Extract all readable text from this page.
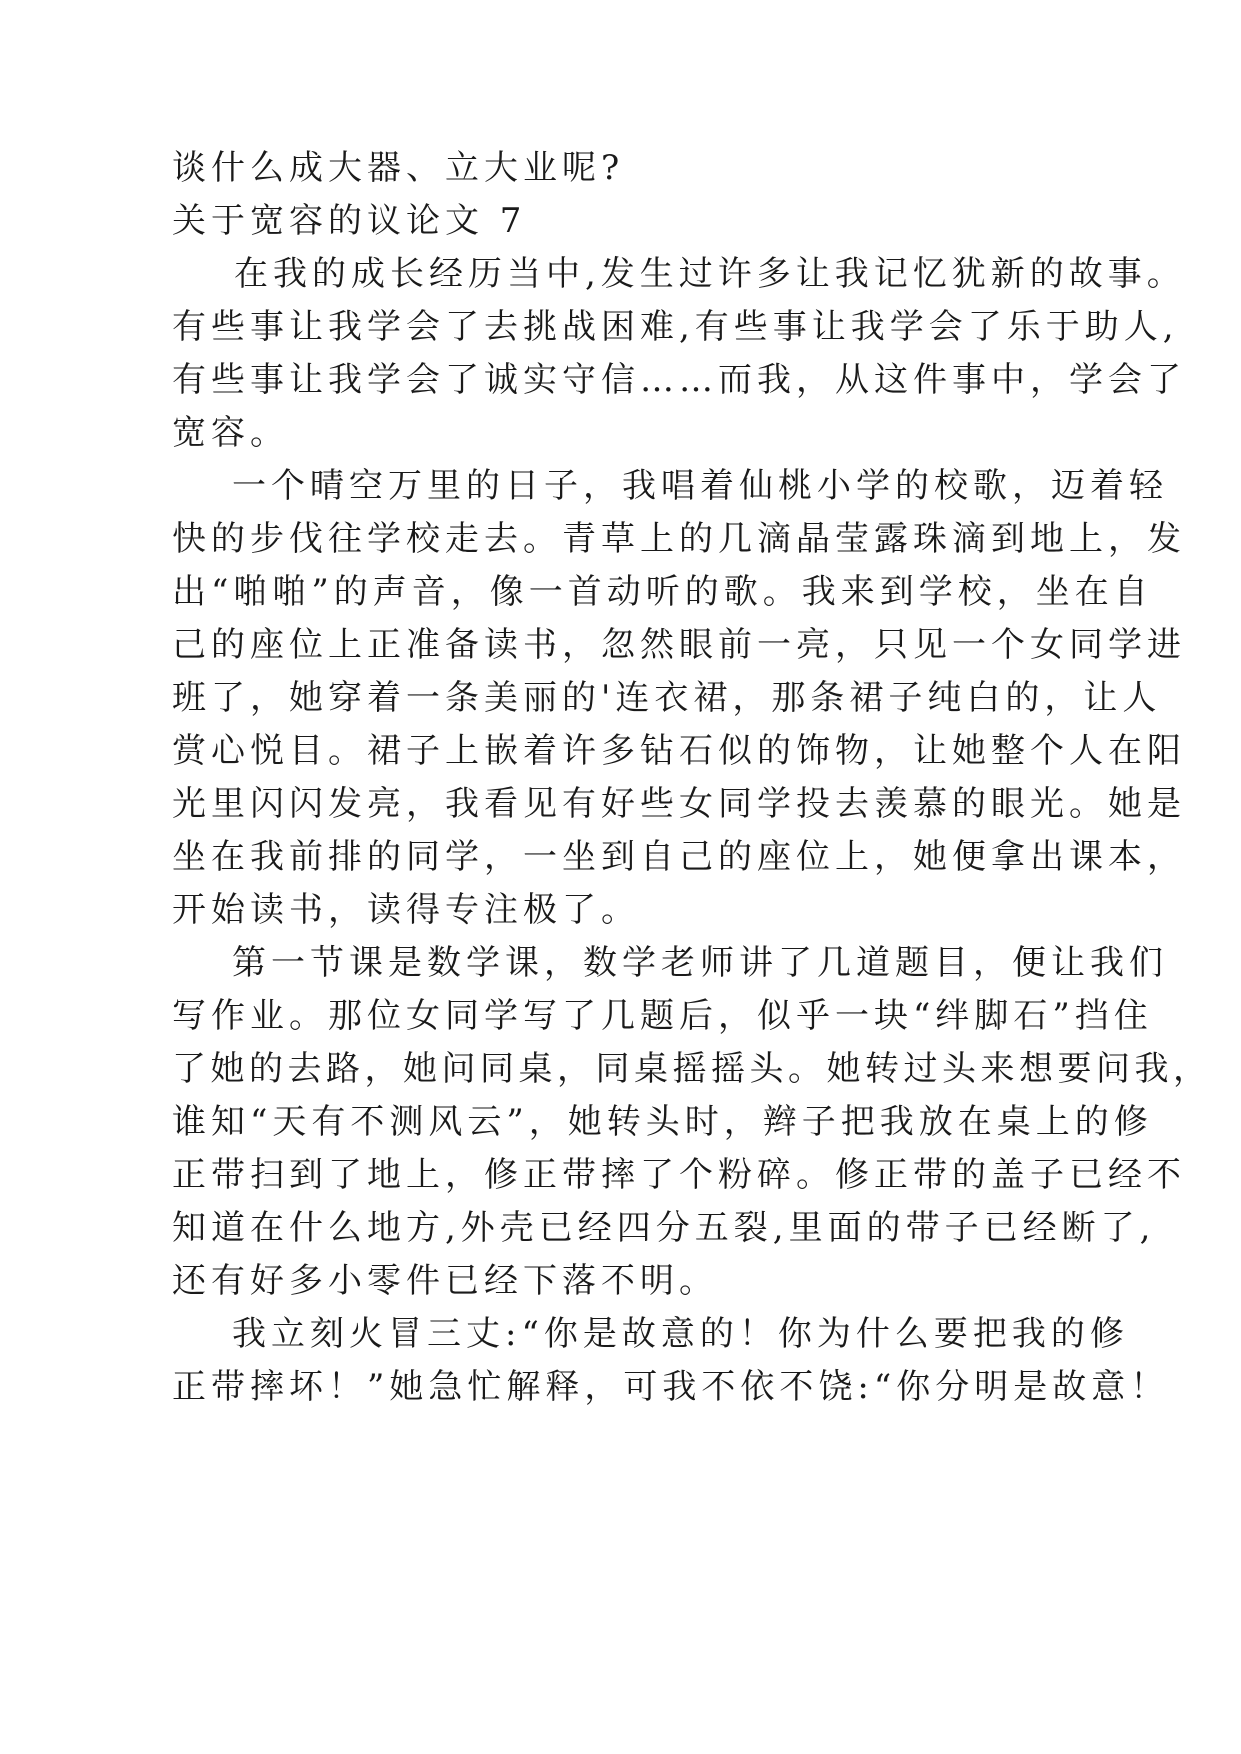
谈什么成大器、立大业呢?
关于宽容的议论文 7
在我的成长经历当中,发生过许多让我记忆犹新的故事。
有些事让我学会了去挑战困难,有些事让我学会了乐于助人,
有些事让我学会了诚实守信……而我，从这件事中，学会了
宽容。
一个晴空万里的日子，我唱着仙桃小学的校歌，迈着轻
快的步伐往学校走去。青草上的几滴晶莹露珠滴到地上，发
出“啪啪”的声音，像一首动听的歌。我来到学校，坐在自
己的座位上正准备读书，忽然眼前一亮，只见一个女同学进
班了，她穿着一条美丽的'连衣裙，那条裙子纯白的，让人
赏心悦目。裙子上嵌着许多钻石似的饰物，让她整个人在阳
光里闪闪发亮，我看见有好些女同学投去羡慕的眼光。她是
坐在我前排的同学，一坐到自己的座位上，她便拿出课本，
开始读书，读得专注极了。
第一节课是数学课，数学老师讲了几道题目，便让我们
写作业。那位女同学写了几题后，似乎一块“绊脚石”挡住
了她的去路，她问同桌，同桌摇摇头。她转过头来想要问我，
谁知“天有不测风云”，她转头时，辫子把我放在桌上的修
正带扫到了地上，修正带摔了个粉碎。修正带的盖子已经不
知道在什么地方,外壳已经四分五裂,里面的带子已经断了,
还有好多小零件已经下落不明。
我立刻火冒三丈:“你是故意的！你为什么要把我的修
正带摔坏！”她急忙解释，可我不依不饶:“你分明是故意！
